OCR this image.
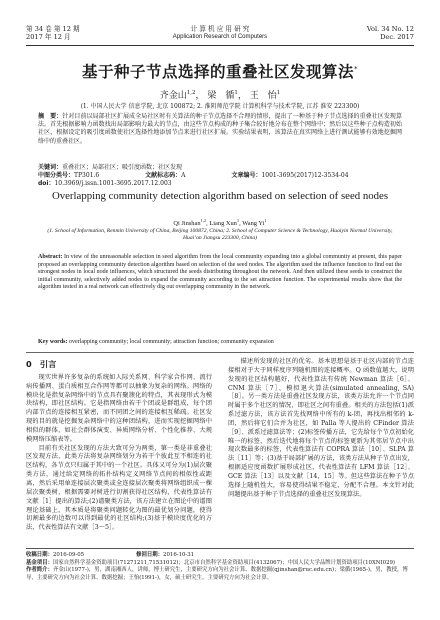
第 34 卷 第 12 期
2017 年 12 月
计 算 机 应 用 研 究
Application Research of Computers
Vol. 34 No. 12
Dec. 2017
基于种子节点选择的重叠社区发现算法*
齐金山$^{1,2}$， 梁　循$^1$， 王　怡$^1$
(1. 中国人民大学 信息学院, 北京 100872; 2. 淮阴师范学院 计算机科学与技术学院, 江苏 淮安 223300)
摘　要：针对目前以局部社区扩展成全局社区时有关算法的种子节点选择不合理的情形，提出了一种基于种子节点选择的重叠社区发现算法。首先根据影响力函数找出局部影响力最大的节点，由这些节点构成的种子集合较好地分布在整个网络中；然后以这些种子点构造初始社区，根据设定的吸引度函数使社区选择性地添加节点来进行社区扩展。实验结果表明，该算法在真实网络上进行测试能够有效地挖掘网络中的重叠社区。
关键词：重叠社区；局部社区；吸引度函数；社区发现
中图分类号：TP301.6	文献标志码：A	文章编号：1001-3695(2017)12-3534-04
doi：10.3969/j.issn.1001-3695.2017.12.003
Overlapping community detection algorithm based on selection of seed nodes
Qi Jinshan$^{1,2}$, Liang Xun$^1$, Wang Yi$^1$
(1. School of Information, Renmin University of China, Beijing 100872, China; 2. School of Computer Science & Technology, Huaiyin Normal University, Huai’an Jiangsu 223300, China)
Abstract: In view of the unreasonable selection in seed algorithm from the local community expanding into a global community at present, this paper proposed an overlapping community detection algorithm based on selection of the seed nodes. The algorithm used the influence function to find out the strongest nodes in local node influences, which structured the seeds distributing throughout the network. And then utilized these seeds to construct the initial community, selectively added nodes to expand the community according to the set attraction function. The experimental results show that the algorithm tested in a real network can effectively dig out overlapping community in the network.
Key words: overlapping community; local community; attraction function; community expansion
0　 引言

现实世界许多复杂的系统如人际关系网、科学家合作网、流行病传播网、蛋白质相互合作网等都可以抽象为复杂的网络。网络的模块化是指复杂网络中的节点具有聚簇化的特点，其表现形式为模块结构，即社区结构。它是指网络由若干个团或是群组成，每个团内部节点的连接相互紧密，而不同团之间的连接相互稀疏。社区发现的目的就是挖掘复杂网络中的这种团结构，进而实现挖掘网络中相似的群体，如社会群体演变、异质网络分析、个性化推荐、大规模网络压缩表等。

目前有关社区发现的方法大致可分为两类，第一类是非重叠社区发现方法，此类方法将复杂网络划分为若干个彼此互不相连的社区结构，各节点只归属于其中的一个社区。具体又可分为(1)层次聚类方法，通过给定网络的拓扑结构定义网络节点间的相似性或距离，然后采用单连接层次聚类或全连接层次聚类将网络组织成一棵层次聚类树，根据需要对树进行切割获得社区结构，代表性算法有文献［1］提出的算法;(2)谱聚类方法，该方法建立在图论中的谱图理论基础上，其本质是将聚类问题转化为图的最优划分问题，使得切割最多的边数可以得到最优的社区结构;(3)基于模块度优化的方法，代表性算法有文献［3～5］。

描述所发现的社区的优劣。基本思想是基于社区内部的节点连接相对于大于同样度序列随机图的连接概率。Q 函数值越大，说明发现的社区结构越好，代表性算法有传统 Newman 算法［6］、CNM 算法［7］、模拟退火算法(simulated annealing, SA)［8］。另一类方法是重叠社区发现方法，该类方法允许一个节点同时属于多个社区的情况，即社区之间有重叠。相关的方法包括(1)派系过滤方法，该方法首先找网络中所有的 k-团，再找出相邻的 k-团，然后将它们合并为社区，如 Palla 等人提出的 CFinder 算法［9］、派系过滤算法等；(2)标签传播方法，它先给每个节点初始化唯一的标签，然后迭代地将每个节点的标签更新为其邻居节点中出现次数最多的标签，代表性算法有 COPRA 算法［10］、SLPA 算法［11］等；(3)基于局部扩展的方法，该类方法从种子节点出发，根据适应度函数扩展形成社区，代表性算法有 LFM 算法［12］、GCE 算法［13］以及文献［14，15］等。但这些算法在种子节点选择上随机性大，容易使得结果不稳定，分配不合理。本文针对此问题提出基于种子节点选择的重叠社区发现算法。

收稿日期：2016-09-05	修回日期：2016-10-31
基金项目：国家自然科学基金资助项目(71271211,71531012)；北京市自然科学基金资助项目(4132067)；中国人民大学品牌计划资助项目(10XNI029)
作者简介：齐金山(1977-)，男，湖南湘西人，讲师，博士研究生，主要研究方向为社会计算、数据挖掘(qjinshan@ruc.edu.cn)；梁循(1965-)，男，教授，博导，主要研究方向为社会计算、数据挖掘；王怡(1991-)，女，硕士研究生，主要研究方向为社会计算。
